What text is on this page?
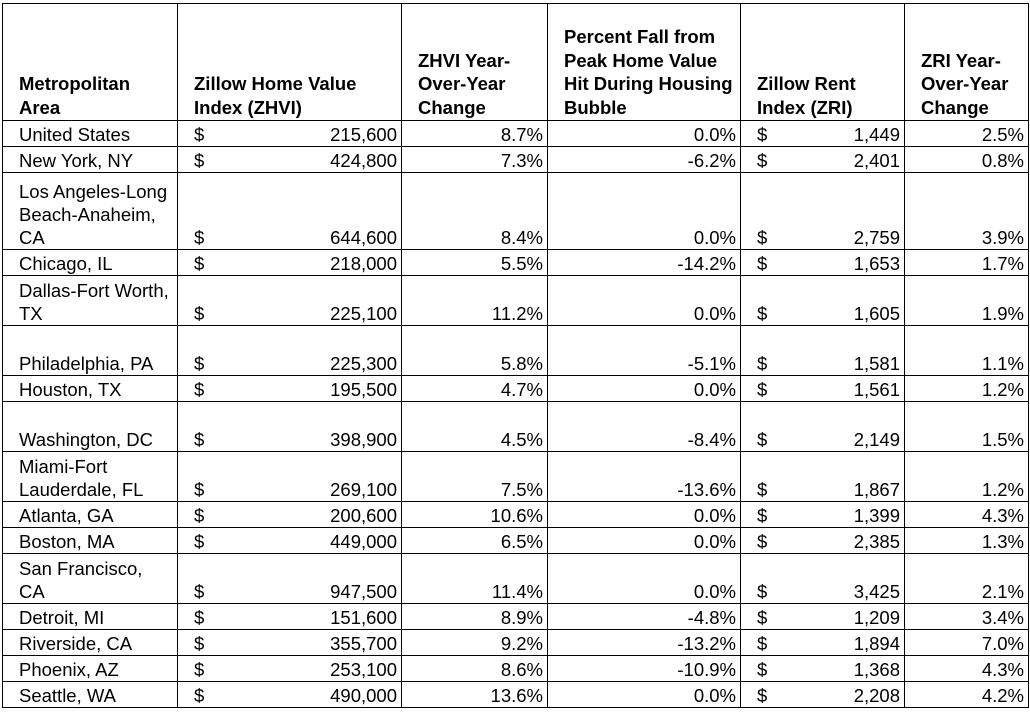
Metropolitan Area	Zillow Home Value Index (ZHVI)	ZHVI Year-Over-Year Change	Percent Fall from Peak Home Value Hit During Housing Bubble	Zillow Rent Index (ZRI)	ZRI Year-Over-Year Change
United States	$ 215,600	8.7%	0.0%	$ 1,449	2.5%
New York, NY	$ 424,800	7.3%	-6.2%	$ 2,401	0.8%
Los Angeles-Long Beach-Anaheim, CA	$ 644,600	8.4%	0.0%	$ 2,759	3.9%
Chicago, IL	$ 218,000	5.5%	-14.2%	$ 1,653	1.7%
Dallas-Fort Worth, TX	$ 225,100	11.2%	0.0%	$ 1,605	1.9%
Philadelphia, PA	$ 225,300	5.8%	-5.1%	$ 1,581	1.1%
Houston, TX	$ 195,500	4.7%	0.0%	$ 1,561	1.2%
Washington, DC	$ 398,900	4.5%	-8.4%	$ 2,149	1.5%
Miami-Fort Lauderdale, FL	$ 269,100	7.5%	-13.6%	$ 1,867	1.2%
Atlanta, GA	$ 200,600	10.6%	0.0%	$ 1,399	4.3%
Boston, MA	$ 449,000	6.5%	0.0%	$ 2,385	1.3%
San Francisco, CA	$ 947,500	11.4%	0.0%	$ 3,425	2.1%
Detroit, MI	$ 151,600	8.9%	-4.8%	$ 1,209	3.4%
Riverside, CA	$ 355,700	9.2%	-13.2%	$ 1,894	7.0%
Phoenix, AZ	$ 253,100	8.6%	-10.9%	$ 1,368	4.3%
Seattle, WA	$ 490,000	13.6%	0.0%	$ 2,208	4.2%
